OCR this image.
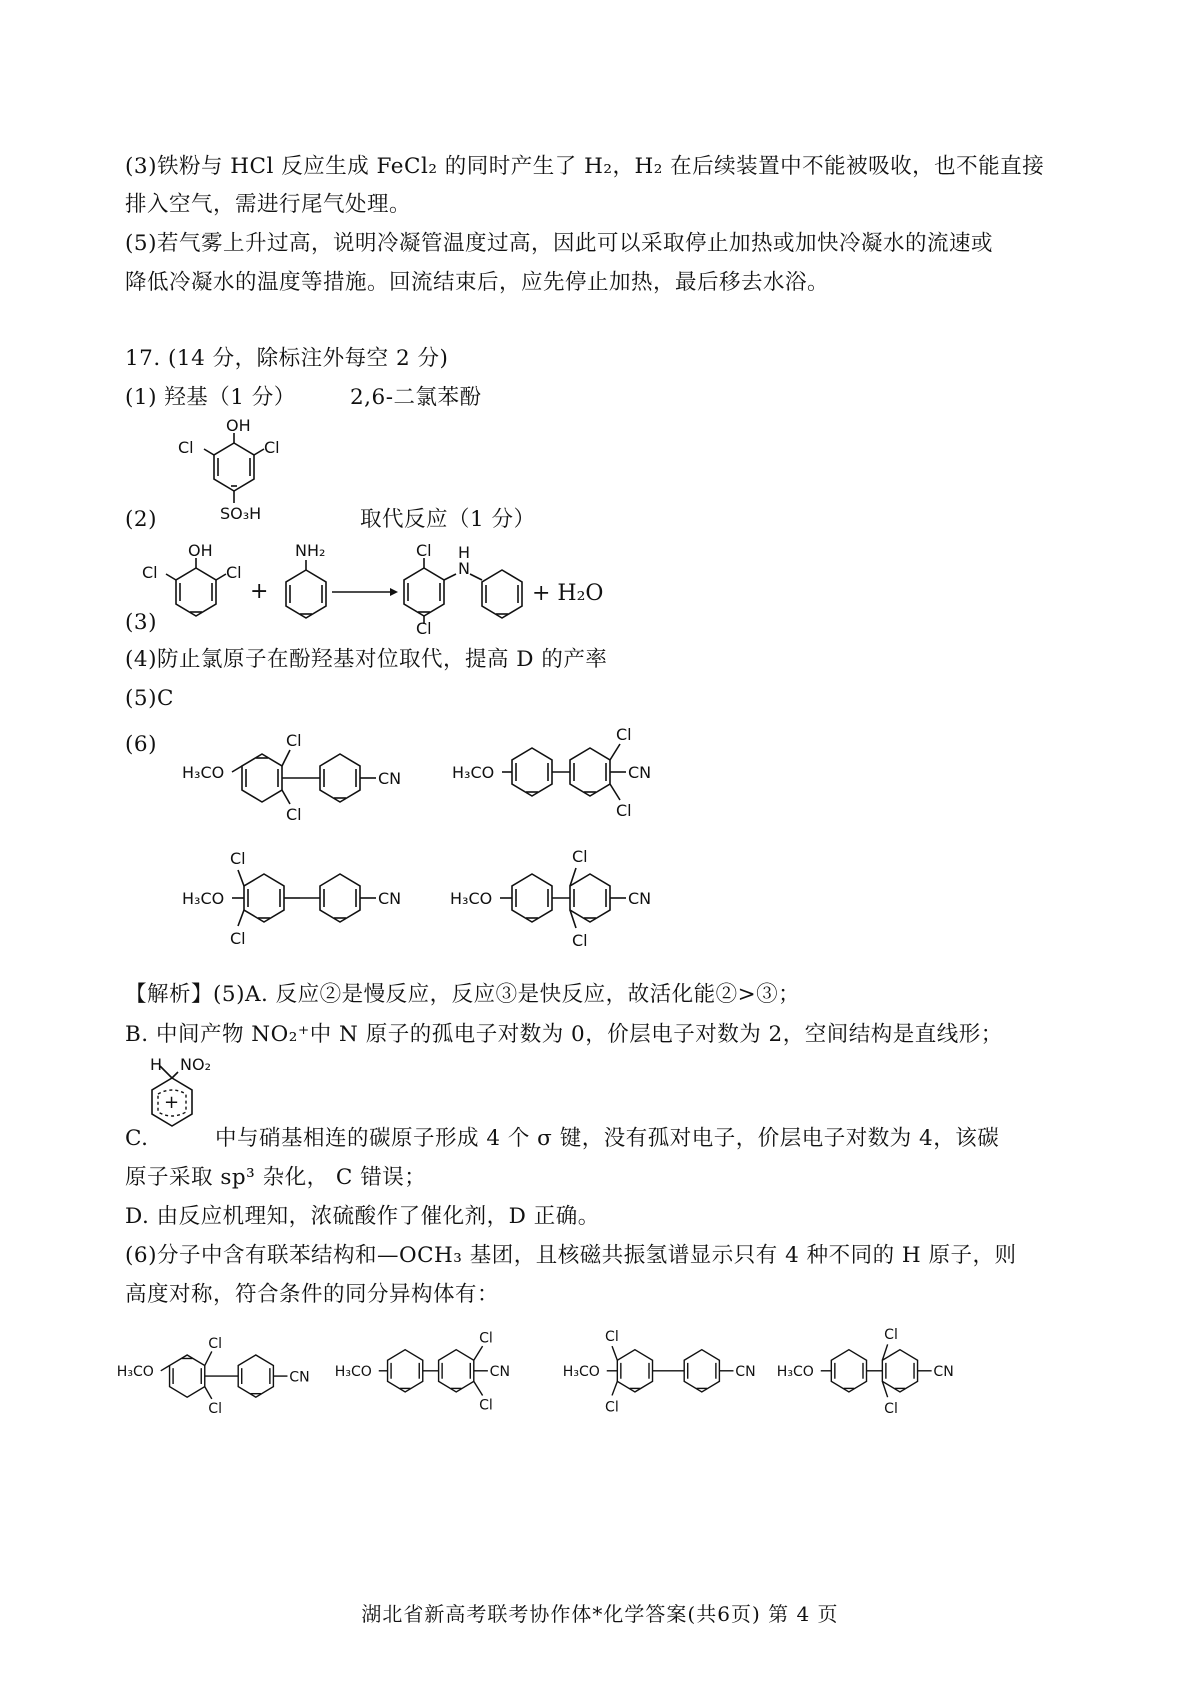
(3)铁粉与 HCl 反应生成 FeCl₂ 的同时产生了 H₂，H₂ 在后续装置中不能被吸收，也不能直接
排入空气，需进行尾气处理。
(5)若气雾上升过高，说明冷凝管温度过高，因此可以采取停止加热或加快冷凝水的流速或
降低冷凝水的温度等措施。回流结束后，应先停止加热，最后移去水浴。
17. (14 分，除标注外每空 2 分)
(1) 羟基（1 分）	2,6-二氯苯酚
OH
Cl
Cl
SO₃H
(2)	取代反应（1 分）
OH
Cl
Cl
+
NH₂	Cl
Cl
N
H
+ H₂O
(3)
(4)防止氯原子在酚羟基对位取代，提高 D 的产率
(5)C
(6)
H₃CO
Cl
Cl
CN	H₃CO
Cl
Cl
CN
H₃CO
Cl
Cl
CN	H₃CO
Cl
Cl
CN
【解析】(5)A. 反应②是慢反应，反应③是快反应，故活化能②>③；
B. 中间产物 NO₂⁺中 N 原子的孤电子对数为 0，价层电子对数为 2，空间结构是直线形；
H NO₂
+
C.	中与硝基相连的碳原子形成 4 个 σ 键，没有孤对电子，价层电子对数为 4，该碳
原子采取 sp³ 杂化， C 错误；
D. 由反应机理知，浓硫酸作了催化剂，D 正确。
(6)分子中含有联苯结构和—OCH₃ 基团，且核磁共振氢谱显示只有 4 种不同的 H 原子，则
高度对称，符合条件的同分异构体有：
H₃CO
Cl
Cl
CN H₃CO
Cl
Cl
CN	H₃CO
Cl
Cl
CN H₃CO
Cl
Cl
CN
湖北省新高考联考协作体*化学答案(共6页) 第 4 页
